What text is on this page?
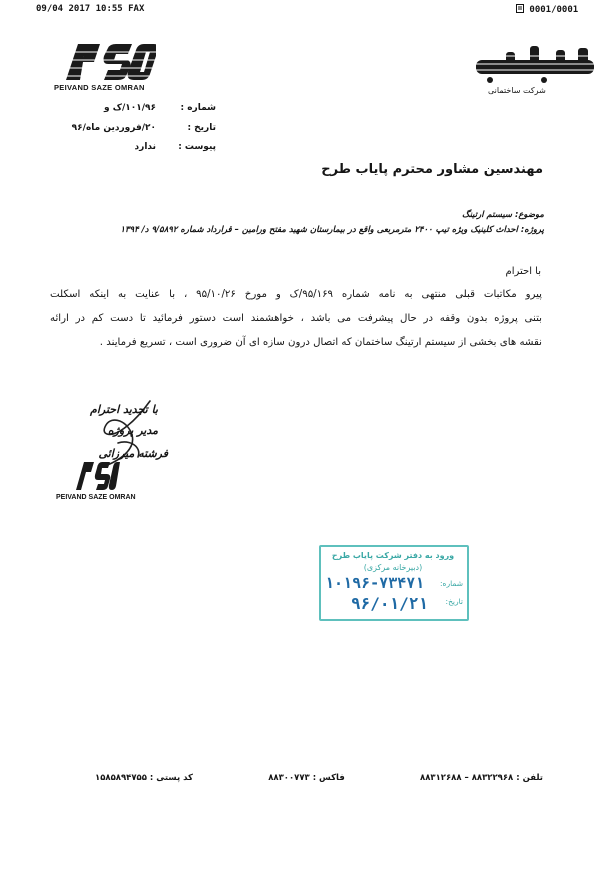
09/04 2017 10:55 FAX	0001/0001
PEIVAND SAZE OMRAN	شرکت ساختمانی
شماره :
۱۰۱/۹۶/ک و
تاریخ :
۲۰/فروردین ماه/۹۶
پیوست :
ندارد
مهندسین مشاور محترم پایاب طرح
موضوع: سیستم ارتینگ
پروژه: احداث کلینیک ویژه تیپ ۲۴۰۰ مترمربعی واقع در بیمارستان شهید مفتح ورامین – قرارداد شماره ۹/۵۸۹۲ د/ ۱۳۹۴
با احترام
پیرو مکاتبات قبلی منتهی به نامه شماره ۹۵/۱۶۹/ک و مورخ ۹۵/۱۰/۲۶ ، با عنایت به اینکه اسکلت
بتنی پروژه بدون وقفه در حال پیشرفت می باشد ، خواهشمند است دستور فرمائید تا دست کم در ارائه
نقشه های بخشی از سیستم ارتینگ ساختمان که اتصال درون سازه ای آن ضروری است ، تسریع فرمایند .
با تجدید احترام
مدیر پروژه
فرشته میرزائی
PEIVAND SAZE OMRAN
ورود به دفتر شرکت پایاب طرح
(دبیرخانه مرکزی)
شماره:
۱۰۱۹۶-۷۳۴۷۱
تاریخ:
۹۶/۰۱/۲۱
تلفن : ۸۸۳۲۲۹۶۸ – ۸۸۳۱۲۶۸۸
فاکس : ۸۸۳۰۰۷۷۳
کد پستی : ۱۵۸۵۸۹۴۷۵۵
